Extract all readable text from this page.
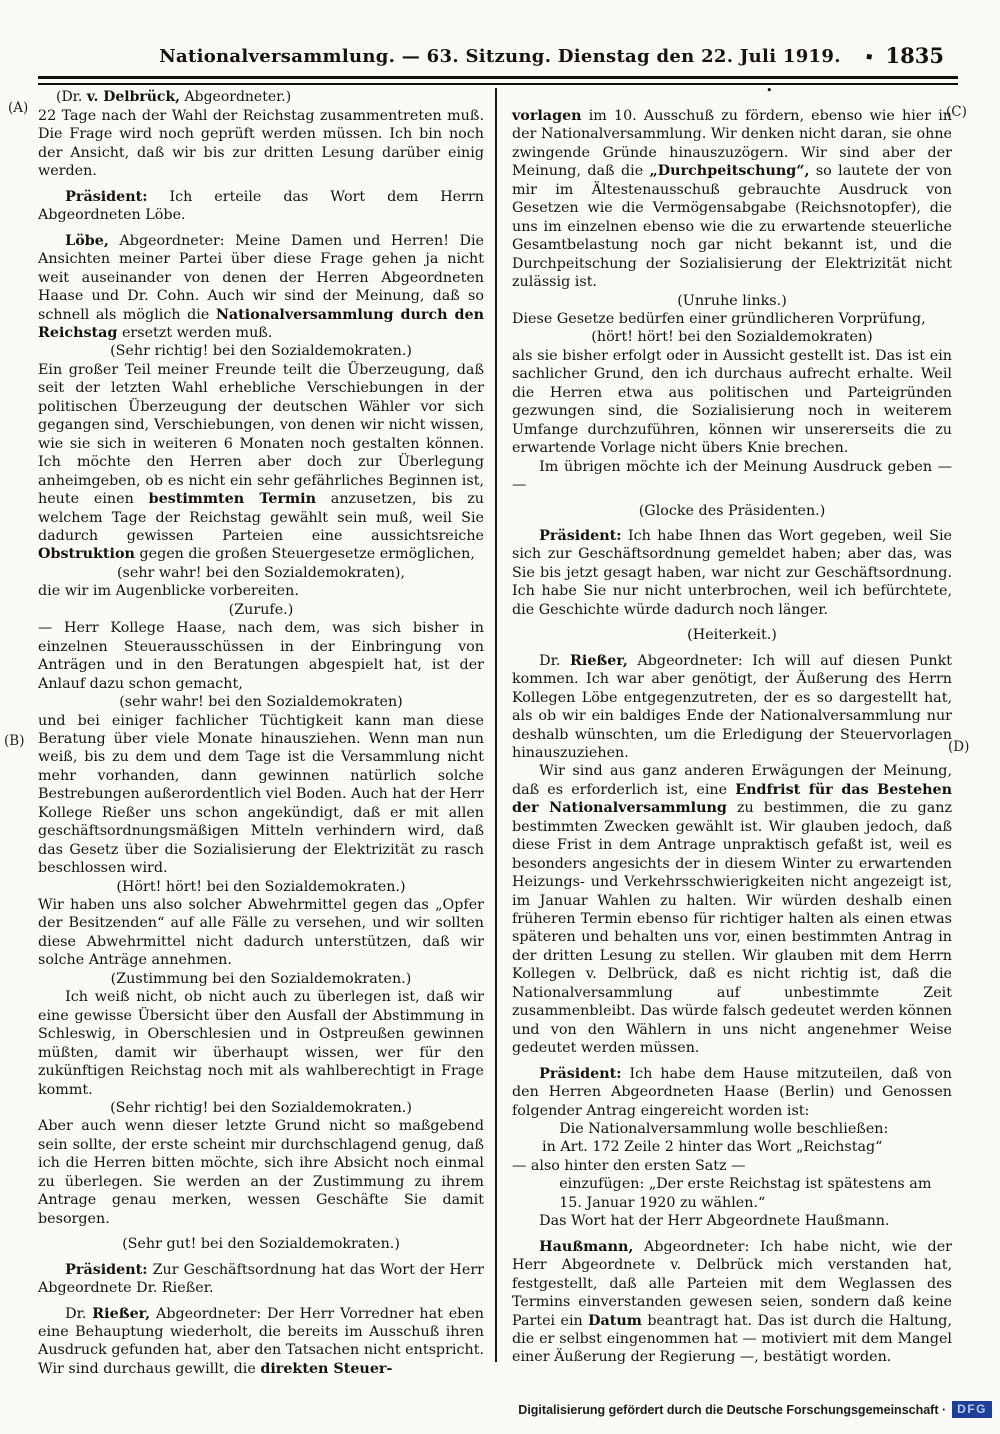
Nationalversammlung. — 63. Sitzung. Dienstag den 22. Juli 1919.	◆ 1835
•
(Dr. v. Delbrück, Abgeordneter.)
(A)
(B)
(C)
(D)

22 Tage nach der Wahl der Reichstag zusammentreten muß. Die Frage wird noch geprüft werden müssen. Ich bin noch der Ansicht, daß wir bis zur dritten Lesung darüber einig werden.

Präsident: Ich erteile das Wort dem Herrn Abgeordneten Löbe.

Löbe, Abgeordneter: Meine Damen und Herren! Die Ansichten meiner Partei über diese Frage gehen ja nicht weit auseinander von denen der Herren Abgeordneten Haase und Dr. Cohn. Auch wir sind der Meinung, daß so schnell als möglich die Nationalversammlung durch den Reichstag ersetzt werden muß.

(Sehr richtig! bei den Sozialdemokraten.)

Ein großer Teil meiner Freunde teilt die Überzeugung, daß seit der letzten Wahl erhebliche Verschiebungen in der politischen Überzeugung der deutschen Wähler vor sich gegangen sind, Verschiebungen, von denen wir nicht wissen, wie sie sich in weiteren 6 Monaten noch gestalten können. Ich möchte den Herren aber doch zur Überlegung anheimgeben, ob es nicht ein sehr gefährliches Beginnen ist, heute einen bestimmten Termin anzusetzen, bis zu welchem Tage der Reichstag gewählt sein muß, weil Sie dadurch gewissen Parteien eine aussichtsreiche Obstruktion gegen die großen Steuergesetze ermöglichen,

(sehr wahr! bei den Sozialdemokraten),

die wir im Augenblicke vorbereiten.

(Zurufe.)

— Herr Kollege Haase, nach dem, was sich bisher in einzelnen Steuerausschüssen in der Einbringung von Anträgen und in den Beratungen abgespielt hat, ist der Anlauf dazu schon gemacht,

(sehr wahr! bei den Sozialdemokraten)

und bei einiger fachlicher Tüchtigkeit kann man diese Beratung über viele Monate hinausziehen. Wenn man nun weiß, bis zu dem und dem Tage ist die Versammlung nicht mehr vorhanden, dann gewinnen natürlich solche Bestrebungen außerordentlich viel Boden. Auch hat der Herr Kollege Rießer uns schon angekündigt, daß er mit allen geschäftsordnungsmäßigen Mitteln verhindern wird, daß das Gesetz über die Sozialisierung der Elektrizität zu rasch beschlossen wird.

(Hört! hört! bei den Sozialdemokraten.)

Wir haben uns also solcher Abwehrmittel gegen das „Opfer der Besitzenden“ auf alle Fälle zu versehen, und wir sollten diese Abwehrmittel nicht dadurch unterstützen, daß wir solche Anträge annehmen.

(Zustimmung bei den Sozialdemokraten.)

Ich weiß nicht, ob nicht auch zu überlegen ist, daß wir eine gewisse Übersicht über den Ausfall der Abstimmung in Schleswig, in Oberschlesien und in Ostpreußen gewinnen müßten, damit wir überhaupt wissen, wer für den zukünftigen Reichstag noch mit als wahlberechtigt in Frage kommt.

(Sehr richtig! bei den Sozialdemokraten.)

Aber auch wenn dieser letzte Grund nicht so maßgebend sein sollte, der erste scheint mir durchschlagend genug, daß ich die Herren bitten möchte, sich ihre Absicht noch einmal zu überlegen. Sie werden an der Zustimmung zu ihrem Antrage genau merken, wessen Geschäfte Sie damit besorgen.

(Sehr gut! bei den Sozialdemokraten.)

Präsident: Zur Geschäftsordnung hat das Wort der Herr Abgeordnete Dr. Rießer.

Dr. Rießer, Abgeordneter: Der Herr Vorredner hat eben eine Behauptung wiederholt, die bereits im Ausschuß ihren Ausdruck gefunden hat, aber den Tatsachen nicht entspricht. Wir sind durchaus gewillt, die direkten Steuer-

vorlagen im 10. Ausschuß zu fördern, ebenso wie hier in der Nationalversammlung. Wir denken nicht daran, sie ohne zwingende Gründe hinauszuzögern. Wir sind aber der Meinung, daß die „Durchpeitschung“, so lautete der von mir im Ältestenausschuß gebrauchte Ausdruck von Gesetzen wie die Vermögensabgabe (Reichsnotopfer), die uns im einzelnen ebenso wie die zu erwartende steuerliche Gesamtbelastung noch gar nicht bekannt ist, und die Durchpeitschung der Sozialisierung der Elektrizität nicht zulässig ist.

(Unruhe links.)

Diese Gesetze bedürfen einer gründlicheren Vorprüfung,

(hört! hört! bei den Sozialdemokraten)

als sie bisher erfolgt oder in Aussicht gestellt ist. Das ist ein sachlicher Grund, den ich durchaus aufrecht erhalte. Weil die Herren etwa aus politischen und Parteigründen gezwungen sind, die Sozialisierung noch in weiterem Umfange durchzuführen, können wir unsererseits die zu erwartende Vorlage nicht übers Knie brechen.

Im übrigen möchte ich der Meinung Ausdruck geben — —

(Glocke des Präsidenten.)

Präsident: Ich habe Ihnen das Wort gegeben, weil Sie sich zur Geschäftsordnung gemeldet haben; aber das, was Sie bis jetzt gesagt haben, war nicht zur Geschäftsordnung. Ich habe Sie nur nicht unterbrochen, weil ich befürchtete, die Geschichte würde dadurch noch länger.

(Heiterkeit.)

Dr. Rießer, Abgeordneter: Ich will auf diesen Punkt kommen. Ich war aber genötigt, der Äußerung des Herrn Kollegen Löbe entgegenzutreten, der es so dargestellt hat, als ob wir ein baldiges Ende der Nationalversammlung nur deshalb wünschten, um die Erledigung der Steuervorlagen hinauszuziehen.

Wir sind aus ganz anderen Erwägungen der Meinung, daß es erforderlich ist, eine Endfrist für das Bestehen der Nationalversammlung zu bestimmen, die zu ganz bestimmten Zwecken gewählt ist. Wir glauben jedoch, daß diese Frist in dem Antrage unpraktisch gefaßt ist, weil es besonders angesichts der in diesem Winter zu erwartenden Heizungs- und Verkehrsschwierigkeiten nicht angezeigt ist, im Januar Wahlen zu halten. Wir würden deshalb einen früheren Termin ebenso für richtiger halten als einen etwas späteren und behalten uns vor, einen bestimmten Antrag in der dritten Lesung zu stellen. Wir glauben mit dem Herrn Kollegen v. Delbrück, daß es nicht richtig ist, daß die Nationalversammlung auf unbestimmte Zeit zusammenbleibt. Das würde falsch gedeutet werden können und von den Wählern in uns nicht angenehmer Weise gedeutet werden müssen.

Präsident: Ich habe dem Hause mitzuteilen, daß von den Herren Abgeordneten Haase (Berlin) und Genossen folgender Antrag eingereicht worden ist:

Die Nationalversammlung wolle beschließen:

in Art. 172 Zeile 2 hinter das Wort „Reichstag“

— also hinter den ersten Satz —

einzufügen: „Der erste Reichstag ist spätestens am 15. Januar 1920 zu wählen.“

Das Wort hat der Herr Abgeordnete Haußmann.

Haußmann, Abgeordneter: Ich habe nicht, wie der Herr Abgeordnete v. Delbrück mich verstanden hat, festgestellt, daß alle Parteien mit dem Weglassen des Termins einverstanden gewesen seien, sondern daß keine Partei ein Datum beantragt hat. Das ist durch die Haltung, die er selbst eingenommen hat — motiviert mit dem Mangel einer Äußerung der Regierung —, bestätigt worden.

Digitalisierung gefördert durch die Deutsche Forschungsgemeinschaft · DFG
